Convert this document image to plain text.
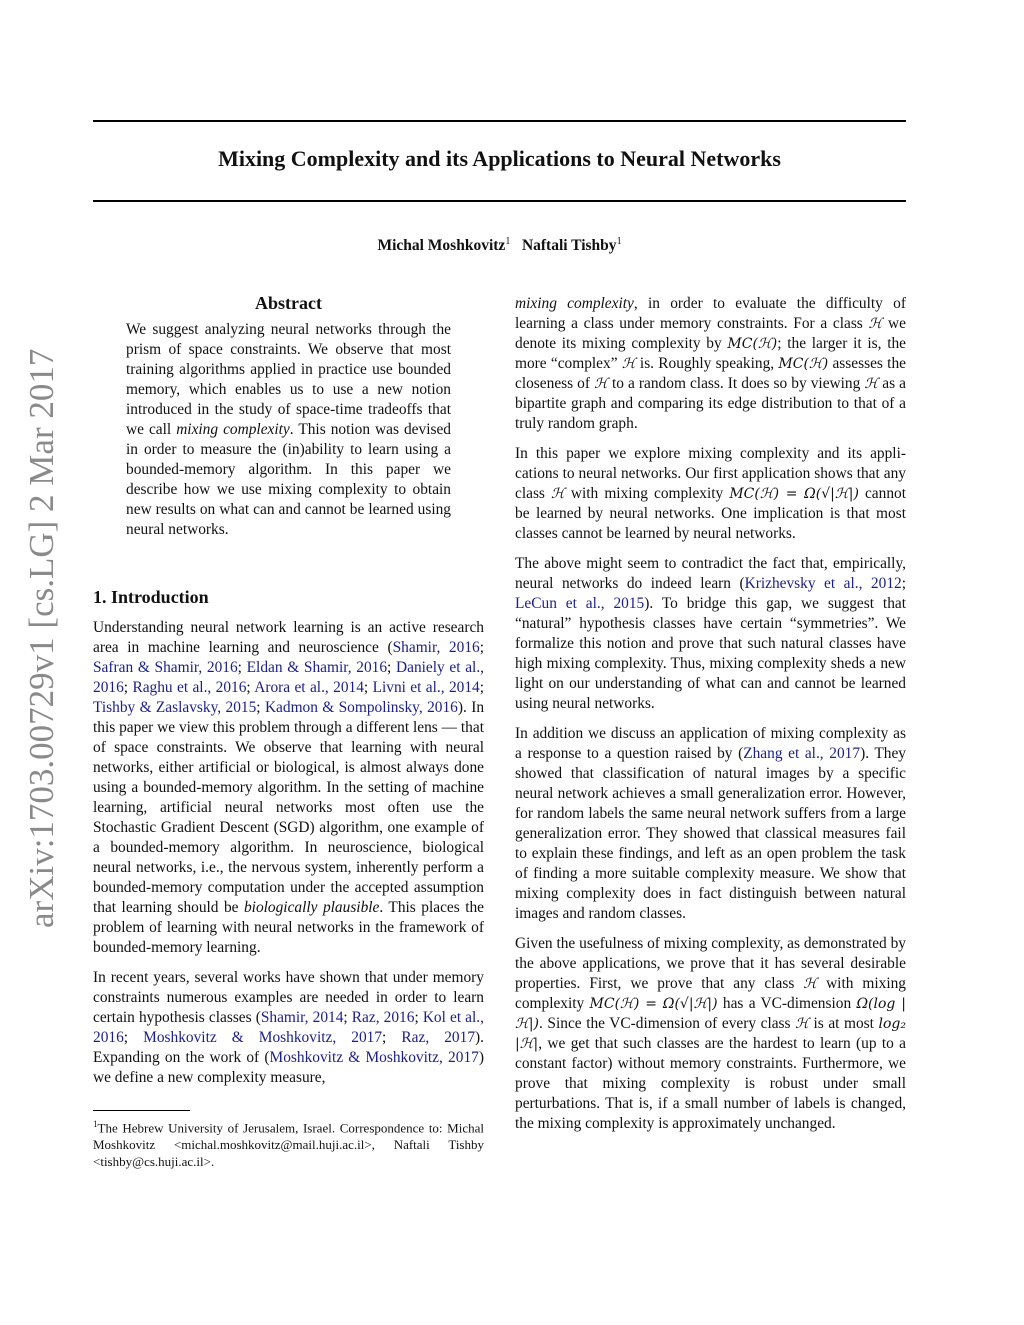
arXiv:1703.00729v1 [cs.LG] 2 Mar 2017
Mixing Complexity and its Applications to Neural Networks
Michal Moshkovitz$^1$ Naftali Tishby$^1$
Abstract
We suggest analyzing neural networks through the prism of space constraints. We observe that most training algorithms applied in practice use bounded memory, which enables us to use a new notion introduced in the study of space-time tradeoffs that we call mixing complexity. This notion was devised in order to measure the (in)ability to learn using a bounded-memory algorithm. In this paper we describe how we use mixing complexity to obtain new results on what can and cannot be learned using neural networks.
1. Introduction

Understanding neural network learning is an active research area in machine learning and neuroscience (Shamir, 2016; Safran & Shamir, 2016; Eldan & Shamir, 2016; Daniely et al., 2016; Raghu et al., 2016; Arora et al., 2014; Livni et al., 2014; Tishby & Zaslavsky, 2015; Kadmon & Sompolinsky, 2016). In this paper we view this problem through a different lens — that of space constraints. We observe that learning with neural networks, either artificial or biological, is almost always done using a bounded-memory algorithm. In the setting of machine learning, artificial neural networks most often use the Stochastic Gradient Descent (SGD) algorithm, one example of a bounded-memory algorithm. In neuroscience, biological neural networks, i.e., the nervous system, inherently perform a bounded-memory computation under the accepted assumption that learning should be biologically plausible. This places the problem of learning with neural networks in the framework of bounded-memory learning.

In recent years, several works have shown that under memory constraints numerous examples are needed in order to learn certain hypothesis classes (Shamir, 2014; Raz, 2016; Kol et al., 2016; Moshkovitz & Moshkovitz, 2017; Raz, 2017). Expanding on the work of (Moshkovitz & Moshkovitz, 2017) we define a new complexity measure,

$^1$The Hebrew University of Jerusalem, Israel. Correspondence to: Michal Moshkovitz <michal.moshkovitz@mail.huji.ac.il>, Naftali Tishby <tishby@cs.huji.ac.il>.

mixing complexity, in order to evaluate the difficulty of learning a class under memory constraints. For a class ℋ we denote its mixing complexity by MC(ℋ); the larger it is, the more “complex” ℋ is. Roughly speaking, MC(ℋ) assesses the closeness of ℋ to a random class. It does so by viewing ℋ as a bipartite graph and comparing its edge distribution to that of a truly random graph.

In this paper we explore mixing complexity and its applications to neural networks. Our first application shows that any class ℋ with mixing complexity MC(ℋ) = Ω(√|ℋ|) cannot be learned by neural networks. One implication is that most classes cannot be learned by neural networks.

The above might seem to contradict the fact that, empirically, neural networks do indeed learn (Krizhevsky et al., 2012; LeCun et al., 2015). To bridge this gap, we suggest that “natural” hypothesis classes have certain “symmetries”. We formalize this notion and prove that such natural classes have high mixing complexity. Thus, mixing complexity sheds a new light on our understanding of what can and cannot be learned using neural networks.

In addition we discuss an application of mixing complexity as a response to a question raised by (Zhang et al., 2017). They showed that classification of natural images by a specific neural network achieves a small generalization error. However, for random labels the same neural network suffers from a large generalization error. They showed that classical measures fail to explain these findings, and left as an open problem the task of finding a more suitable complexity measure. We show that mixing complexity does in fact distinguish between natural images and random classes.

Given the usefulness of mixing complexity, as demonstrated by the above applications, we prove that it has several desirable properties. First, we prove that any class ℋ with mixing complexity MC(ℋ) = Ω(√|ℋ|) has a VC-dimension Ω(log |ℋ|). Since the VC-dimension of every class ℋ is at most log₂ |ℋ|, we get that such classes are the hardest to learn (up to a constant factor) without memory constraints. Furthermore, we prove that mixing complexity is robust under small perturbations. That is, if a small number of labels is changed, the mixing complexity is approximately unchanged.
